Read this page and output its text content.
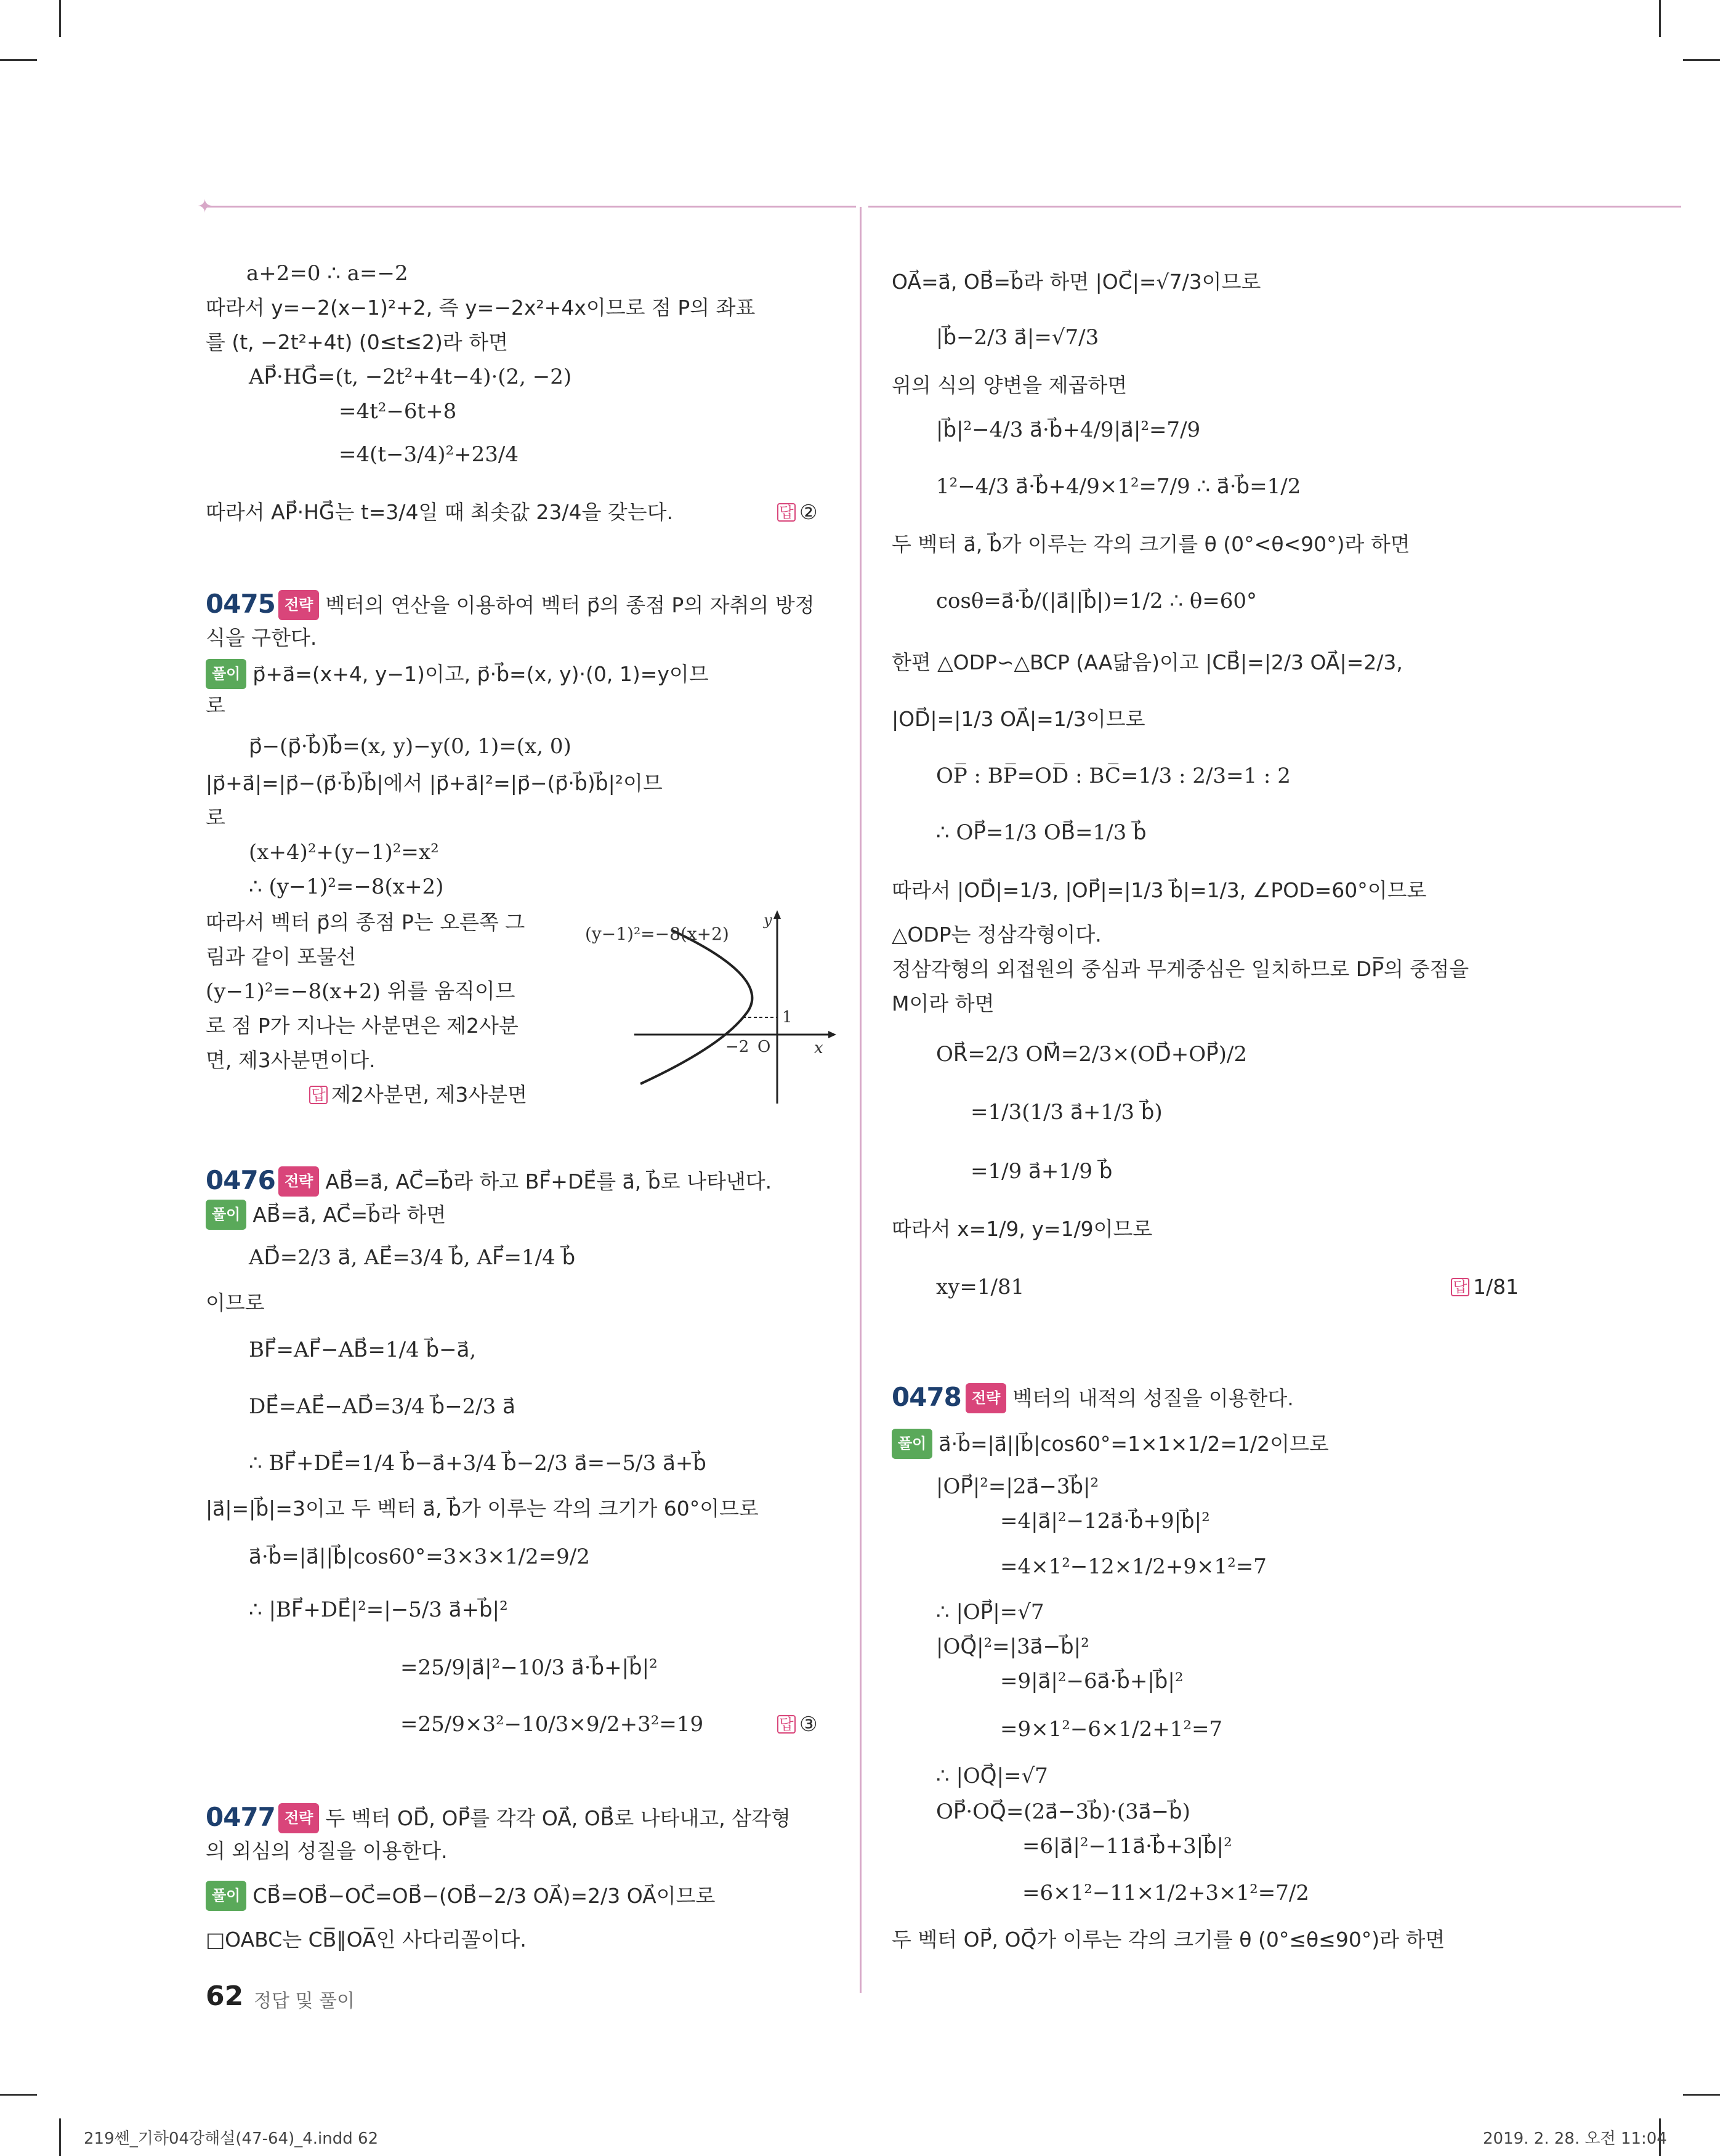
✦
a+2=0 ∴ a=−2
따라서 y=−2(x−1)²+2, 즉 y=−2x²+4x이므로 점 P의 좌표
를 (t, −2t²+4t) (0≤t≤2)라 하면
AP⃗·HG⃗=(t, −2t²+4t−4)·(2, −2)
=4t²−6t+8
=4(t−3/4)²+23/4
따라서 AP⃗·HG⃗는 t=3/4일 때 최솟값 23/4을 갖는다.	답 ②
0475 전략 벡터의 연산을 이용하여 벡터 p⃗의 종점 P의 자취의 방정
식을 구한다.
풀이 p⃗+a⃗=(x+4, y−1)이고, p⃗·b⃗=(x, y)·(0, 1)=y이므
로
p⃗−(p⃗·b⃗)b⃗=(x, y)−y(0, 1)=(x, 0)
|p⃗+a⃗|=|p⃗−(p⃗·b⃗)b⃗|에서 |p⃗+a⃗|²=|p⃗−(p⃗·b⃗)b⃗|²이므
로
(x+4)²+(y−1)²=x²
∴ (y−1)²=−8(x+2)
따라서 벡터 p⃗의 종점 P는 오른쪽 그
림과 같이 포물선
(y−1)²=−8(x+2) 위를 움직이므
로 점 P가 지나는 사분면은 제2사분
면, 제3사분면이다.
답 제2사분면, 제3사분면
(y−1)²=−8(x+2)
y
x
O
−2
1
0476 전략 AB⃗=a⃗, AC⃗=b⃗라 하고 BF⃗+DE⃗를 a⃗, b⃗로 나타낸다.
풀이 AB⃗=a⃗, AC⃗=b⃗라 하면
AD⃗=2/3 a⃗, AE⃗=3/4 b⃗, AF⃗=1/4 b⃗
이므로
BF⃗=AF⃗−AB⃗=1/4 b⃗−a⃗,
DE⃗=AE⃗−AD⃗=3/4 b⃗−2/3 a⃗
∴ BF⃗+DE⃗=1/4 b⃗−a⃗+3/4 b⃗−2/3 a⃗=−5/3 a⃗+b⃗
|a⃗|=|b⃗|=3이고 두 벡터 a⃗, b⃗가 이루는 각의 크기가 60°이므로
a⃗·b⃗=|a⃗||b⃗|cos60°=3×3×1/2=9/2
∴ |BF⃗+DE⃗|²=|−5/3 a⃗+b⃗|²
=25/9|a⃗|²−10/3 a⃗·b⃗+|b⃗|²
=25/9×3²−10/3×9/2+3²=19	답 ③
0477 전략 두 벡터 OD⃗, OP⃗를 각각 OA⃗, OB⃗로 나타내고, 삼각형
의 외심의 성질을 이용한다.
풀이 CB⃗=OB⃗−OC⃗=OB⃗−(OB⃗−2/3 OA⃗)=2/3 OA⃗이므로
□OABC는 CB̅∥OA̅인 사다리꼴이다.
OA⃗=a⃗, OB⃗=b⃗라 하면 |OC⃗|=√7/3이므로
|b⃗−2/3 a⃗|=√7/3
위의 식의 양변을 제곱하면
|b⃗|²−4/3 a⃗·b⃗+4/9|a⃗|²=7/9
1²−4/3 a⃗·b⃗+4/9×1²=7/9 ∴ a⃗·b⃗=1/2
두 벡터 a⃗, b⃗가 이루는 각의 크기를 θ (0°<θ<90°)라 하면
cosθ=a⃗·b⃗/(|a⃗||b⃗|)=1/2 ∴ θ=60°
한편 △ODP∽△BCP (AA닮음)이고 |CB⃗|=|2/3 OA⃗|=2/3,
|OD⃗|=|1/3 OA⃗|=1/3이므로
OP̅ : BP̅=OD̅ : BC̅=1/3 : 2/3=1 : 2
∴ OP⃗=1/3 OB⃗=1/3 b⃗
따라서 |OD⃗|=1/3, |OP⃗|=|1/3 b⃗|=1/3, ∠POD=60°이므로
△ODP는 정삼각형이다.
정삼각형의 외접원의 중심과 무게중심은 일치하므로 DP̅의 중점을
M이라 하면
OR⃗=2/3 OM⃗=2/3×(OD⃗+OP⃗)/2
=1/3(1/3 a⃗+1/3 b⃗)
=1/9 a⃗+1/9 b⃗
따라서 x=1/9, y=1/9이므로
xy=1/81	답 1/81
0478 전략 벡터의 내적의 성질을 이용한다.
풀이 a⃗·b⃗=|a⃗||b⃗|cos60°=1×1×1/2=1/2이므로
|OP⃗|²=|2a⃗−3b⃗|²
=4|a⃗|²−12a⃗·b⃗+9|b⃗|²
=4×1²−12×1/2+9×1²=7
∴ |OP⃗|=√7
|OQ⃗|²=|3a⃗−b⃗|²
=9|a⃗|²−6a⃗·b⃗+|b⃗|²
=9×1²−6×1/2+1²=7
∴ |OQ⃗|=√7
OP⃗·OQ⃗=(2a⃗−3b⃗)·(3a⃗−b⃗)
=6|a⃗|²−11a⃗·b⃗+3|b⃗|²
=6×1²−11×1/2+3×1²=7/2
두 벡터 OP⃗, OQ⃗가 이루는 각의 크기를 θ (0°≤θ≤90°)라 하면
62 정답 및 풀이
219쎈_기하04강해설(47-64)_4.indd 62	2019. 2. 28. 오전 11:04
